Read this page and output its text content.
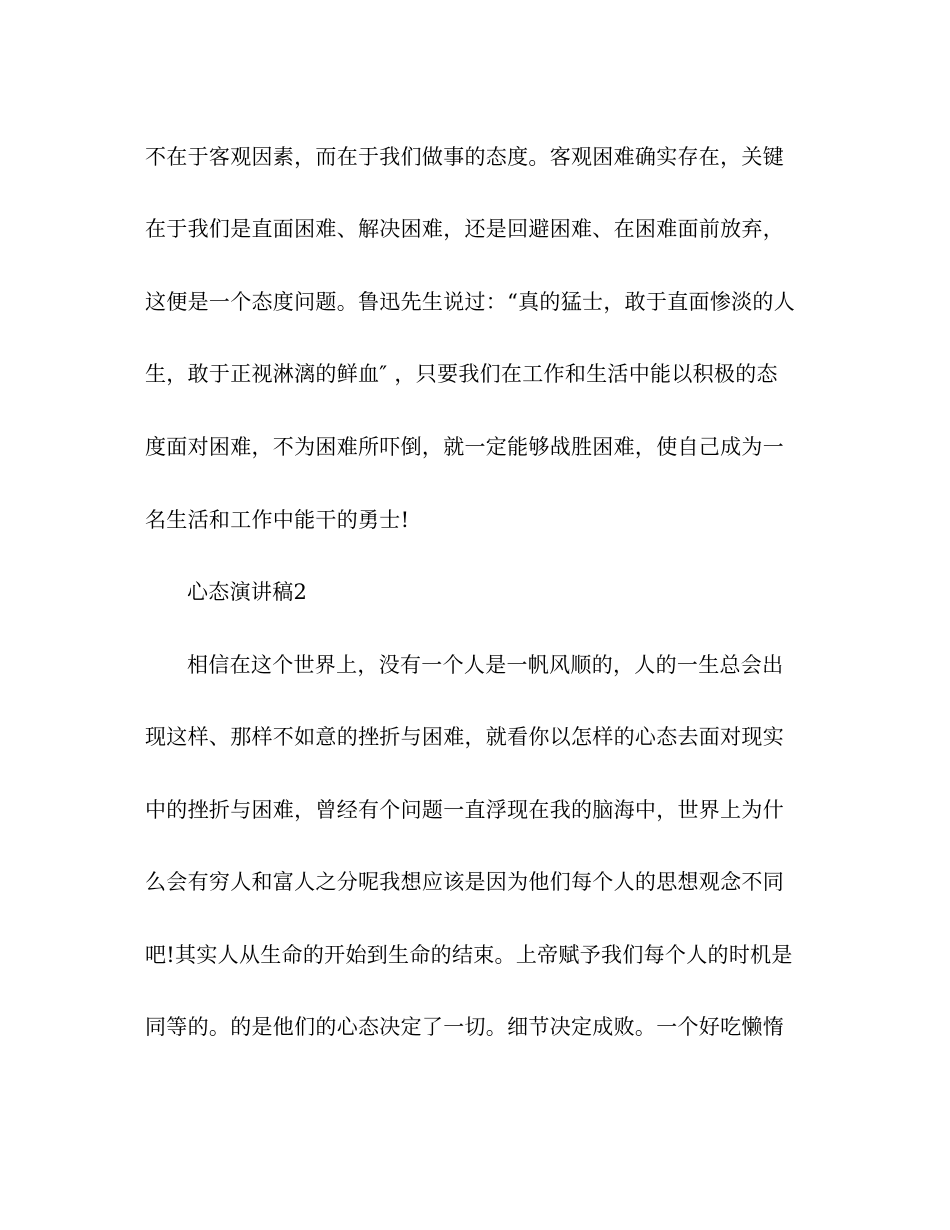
不在于客观因素，而在于我们做事的态度。客观困难确实存在，关键
在于我们是直面困难、解决困难，还是回避困难、在困难面前放弃，
这便是一个态度问题。鲁迅先生说过：“真的猛士，敢于直面惨淡的人
生，敢于正视淋漓的鲜血″ ，只要我们在工作和生活中能以积极的态
度面对困难，不为困难所吓倒，就一定能够战胜困难，使自己成为一
名生活和工作中能干的勇士!
心态演讲稿2
相信在这个世界上，没有一个人是一帆风顺的，人的一生总会出
现这样、那样不如意的挫折与困难，就看你以怎样的心态去面对现实
中的挫折与困难，曾经有个问题一直浮现在我的脑海中，世界上为什
么会有穷人和富人之分呢我想应该是因为他们每个人的思想观念不同
吧!其实人从生命的开始到生命的结束。上帝赋予我们每个人的时机是
同等的。的是他们的心态决定了一切。细节决定成败。一个好吃懒惰
